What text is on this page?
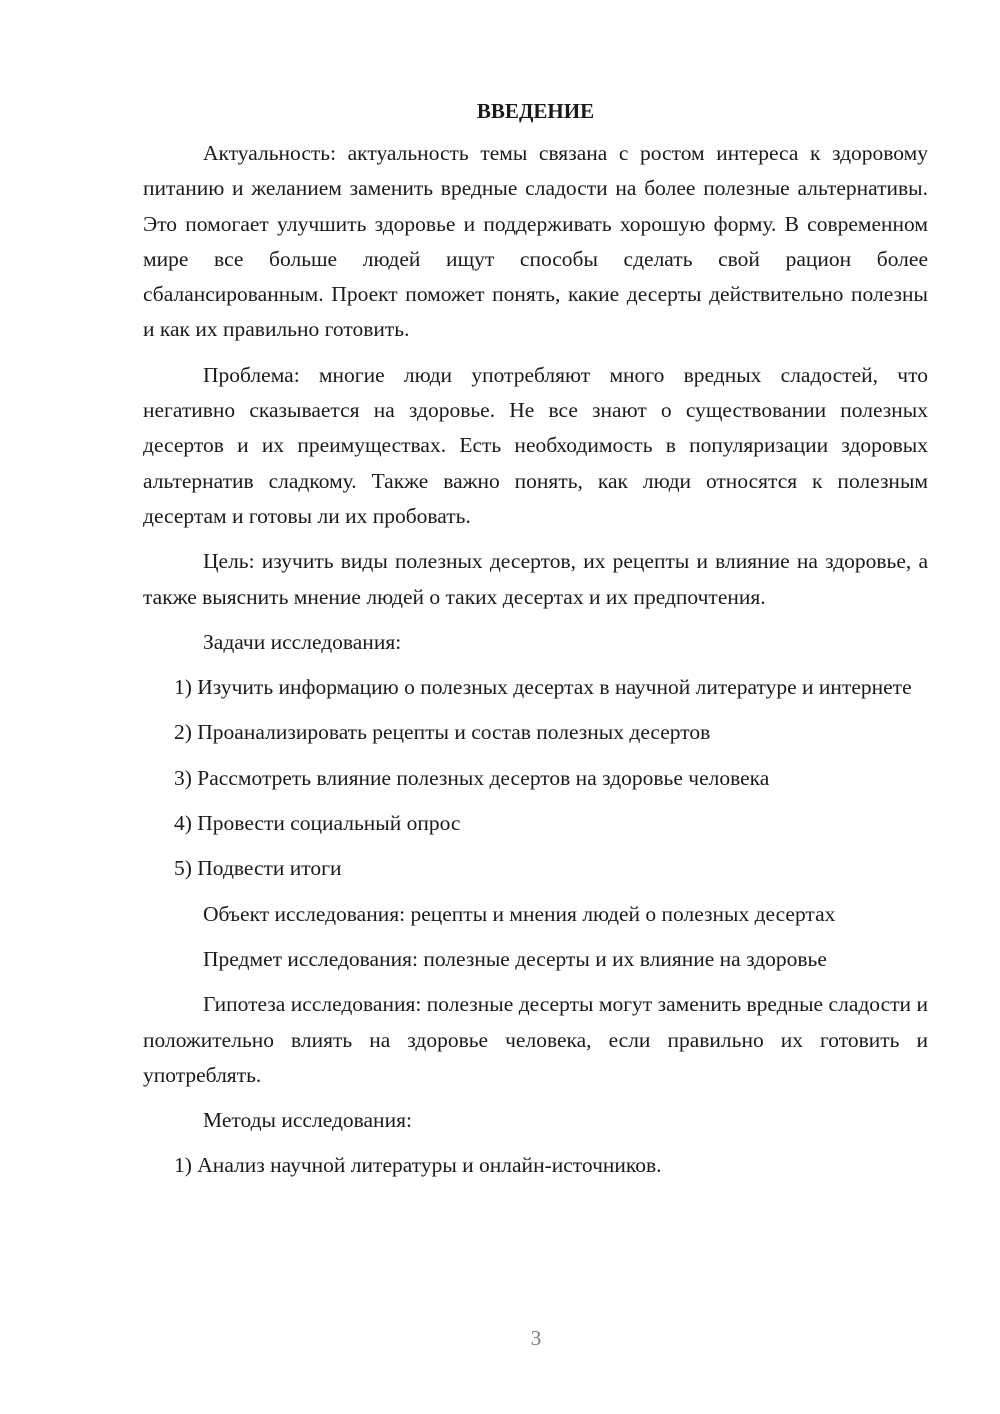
ВВЕДЕНИЕ

Актуальность: актуальность темы связана с ростом интереса к здоровому питанию и желанием заменить вредные сладости на более полезные альтернативы. Это помогает улучшить здоровье и поддерживать хорошую форму. В современном мире все больше людей ищут способы сделать свой рацион более сбалансированным. Проект поможет понять, какие десерты действительно полезны и как их правильно готовить.

Проблема: многие люди употребляют много вредных сладостей, что негативно сказывается на здоровье. Не все знают о существовании полезных десертов и их преимуществах. Есть необходимость в популяризации здоровых альтернатив сладкому. Также важно понять, как люди относятся к полезным десертам и готовы ли их пробовать.

Цель: изучить виды полезных десертов, их рецепты и влияние на здоровье, а также выяснить мнение людей о таких десертах и их предпочтения.

Задачи исследования:

1) Изучить информацию о полезных десертах в научной литературе и интернете

2) Проанализировать рецепты и состав полезных десертов

3) Рассмотреть влияние полезных десертов на здоровье человека

4) Провести социальный опрос

5) Подвести итоги

Объект исследования: рецепты и мнения людей о полезных десертах

Предмет исследования: полезные десерты и их влияние на здоровье

Гипотеза исследования: полезные десерты могут заменить вредные сладости и положительно влиять на здоровье человека, если правильно их готовить и употреблять.

Методы исследования:

1) Анализ научной литературы и онлайн-источников.

3
